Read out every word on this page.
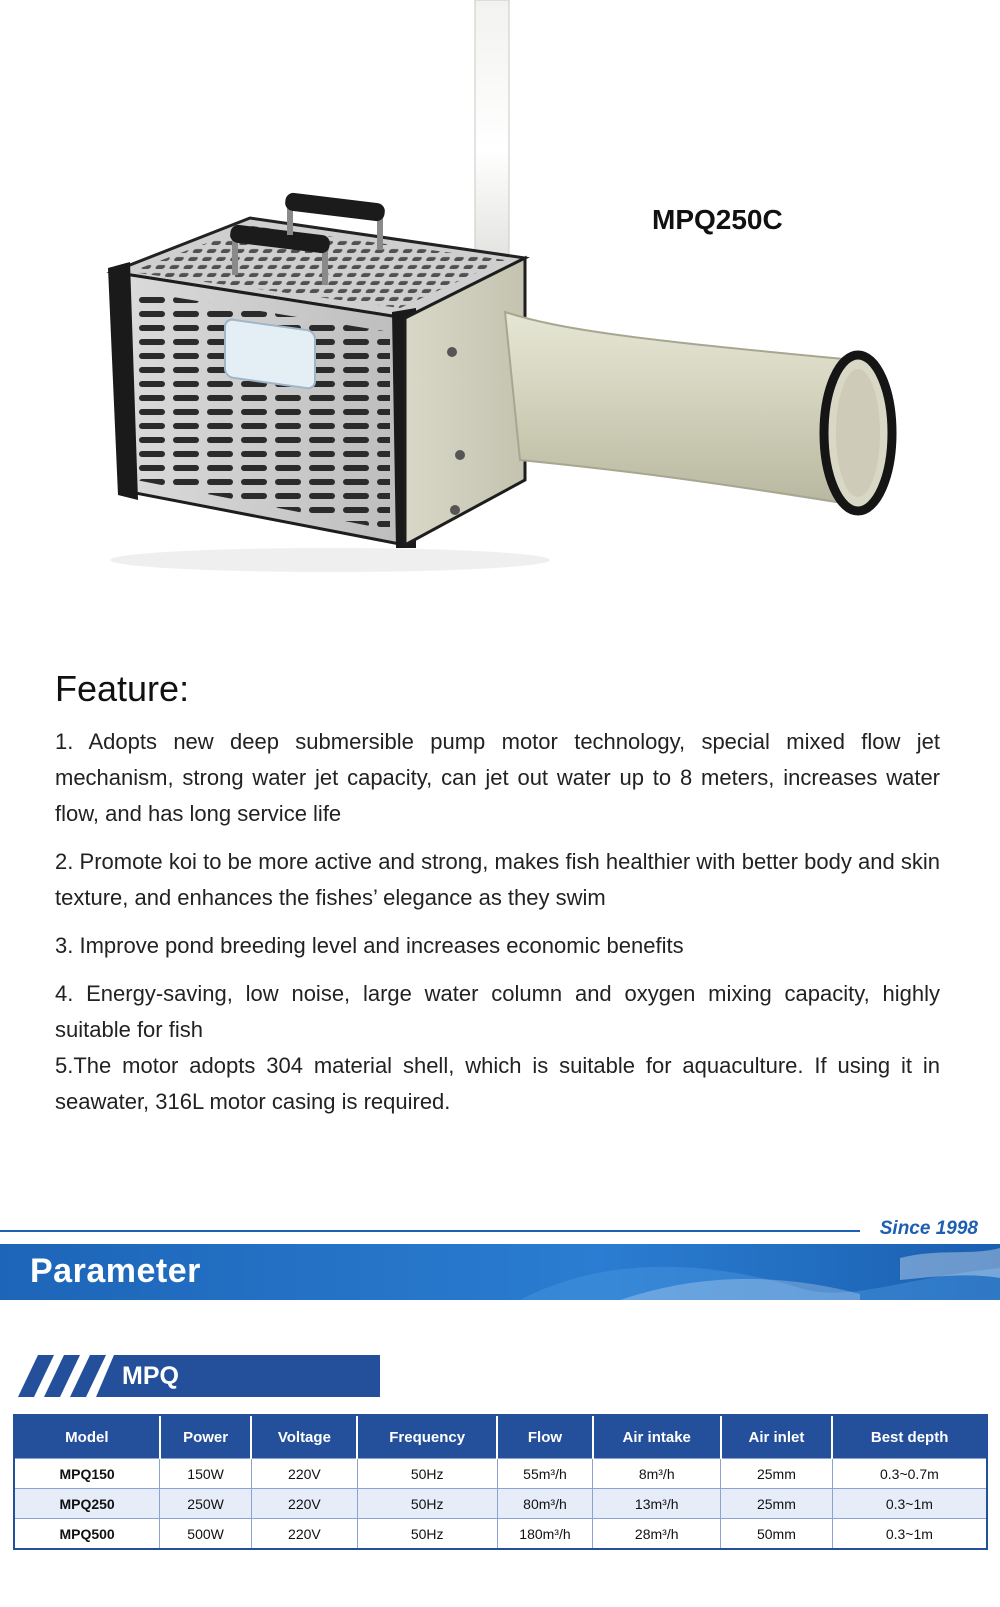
MPQ250C
Feature:

1. Adopts new deep submersible pump motor technology, special mixed flow jet mechanism, strong water jet capacity, can jet out water up to 8 meters, increases water flow, and has long service life

2. Promote koi to be more active and strong, makes fish healthier with better body and skin texture, and enhances the fishes’ elegance as they swim

3. Improve pond breeding level and increases economic benefits

4. Energy-saving, low noise, large water column and oxygen mixing capacity, highly suitable for fish

5.The motor adopts 304 material shell, which is suitable for aquaculture. If using it in seawater, 316L motor casing is required.

Since 1998
Parameter
MPQ
Model	Power	Voltage	Frequency	Flow	Air intake	Air inlet	Best depth
MPQ150	150W	220V	50Hz	55m³/h	8m³/h	25mm	0.3~0.7m
MPQ250	250W	220V	50Hz	80m³/h	13m³/h	25mm	0.3~1m
MPQ500	500W	220V	50Hz	180m³/h	28m³/h	50mm	0.3~1m
